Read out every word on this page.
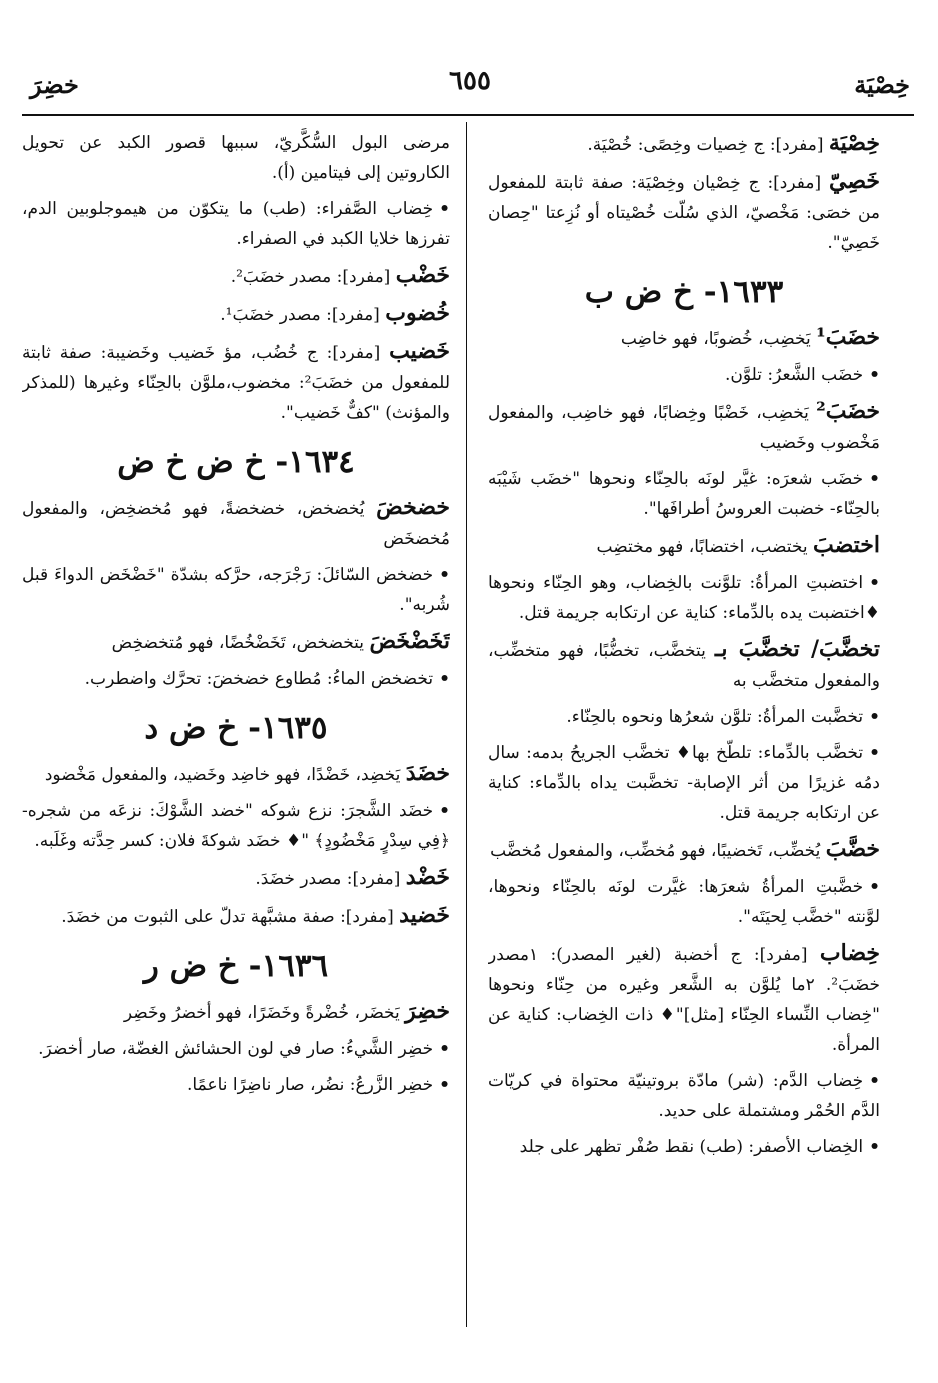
خِصْيَة
٦٥٥
خضِرَ
خِصْيَة [مفرد]: ج خِصيات وخِصًى: خُصْيَة.
خَصِيّ [مفرد]: ج خِصْيان وخِصْيَة: صفة ثابتة للمفعول من خصَى: مَخْصيّ، الذي سُلّت خُصْيتاه أو نُزِعتا "حِصان خَصِيّ".
١٦٣٣- خ ض ب
خضَبَ¹ يَخضِب، خُضوبًا، فهو خاضِب
•خضَب الشَّعرُ: تلوَّن.
خضَبَ² يَخضِب، خَضْبًا وخِضابًا، فهو خاضِب، والمفعول مَخْضوب وخَضيب
•خضَب شعرَه: غيَّر لونَه بالحِنّاء ونحوها "خضَب شَيْبَه بالحِنّاء- خضبت العروسُ أطرافَها".
اختضبَ يختضب، اختضابًا، فهو مختضِب
•اختضبتِ المرأةُ: تلوَّنت بالخِضاب، وهو الحِنّاء ونحوها ♦اختضبت يده بالدِّماء: كناية عن ارتكابه جريمة قتل.
تخضَّبَ/ تخضَّبَ بـ يتخضَّب، تخضُّبًا، فهو متخضِّب، والمفعول متخضَّب به
•تخضَّبت المرأةُ: تلوَّن شعرُها ونحوه بالحِنّاء.
•تخضَّب بالدِّماء: تلطّخ بها♦ تخضَّب الجريحُ بدمه: سال دمُه غزيرًا من أثر الإصابة- تخضَّبت يداه بالدِّماء: كناية عن ارتكابه جريمة قتل.
خضَّبَ يُخضِّب، تَخضيبًا، فهو مُخضِّب، والمفعول مُخضَّب
•خضَّبتِ المرأةُ شعرَها: غيَّرت لونَه بالحِنّاء ونحوها، لوَّنته "خضَّب لِحيَتَه".
خِضاب [مفرد]: ج أخضبة (لغير المصدر): ١مصدر خضَبَ². ٢ما يُلوَّن به الشَّعر وغيره من حِنّاء ونحوها "خِضاب النِّساء الحِنّاء [مثل]"♦ ذات الخِضاب: كناية عن المرأة.
•خِضاب الدَّم: (شر) مادّة بروتينيّة محتواة في كريّات الدَّم الحُمْر ومشتملة على حديد.
•الخِضاب الأصفر: (طب) نقط صُفْر تظهر على جلد
مرضى البول السُّكَّريّ، سببها قصور الكبد عن تحويل الكاروتين إلى فيتامين (أ).
•خِضاب الصَّفراء: (طب) ما يتكوّن من هيموجلوبين الدم، تفرزها خلايا الكبد في الصفراء.
خَضْب [مفرد]: مصدر خضَبَ².
خُضوب [مفرد]: مصدر خضَبَ¹.
خَضيب [مفرد]: ج خُضُب، مؤ خَضيب وخَضيبة: صفة ثابتة للمفعول من خضَبَ²: مخضوب،ملوَّن بالحِنّاء وغيرها (للمذكر والمؤنث) "كفٌّ خَضيب".
١٦٣٤- خ ض خ ض
خضخضَ يُخضخض، خضخضةً، فهو مُخضخِض، والمفعول مُخضخَض
•خضخض السّائلَ: رَجْرَجه، حرَّكه بشدّة "خَضْخَض الدواءَ قبل شُربه".
تَخَضْخَضَ يتخضخض، تَخَضْخُضًا، فهو مُتخضخِض
•تخضخض الماءُ: مُطاوع خضخضَ: تحرَّك واضطرب.
١٦٣٥- خ ض د
خضَدَ يَخضِد، خَضْدًا، فهو خاضِد وخَضيد، والمفعول مَخْضود
•خضَد الشَّجرَ: نزع شوكه "خضد الشَّوْكَ: نزعَه من شجره- ﴿فِي سِدْرٍ مَخْضُودٍ﴾ "♦ خضَد شوكةَ فلان: كسر حِدَّته وغَلَبه.
خَضْد [مفرد]: مصدر خضَدَ.
خَضيد [مفرد]: صفة مشبَّهة تدلّ على الثبوت من خضَدَ.
١٦٣٦- خ ض ر
خضِرَ يَخضَر، خُضْرةً وخَضَرًا، فهو أخضرُ وخَضِر
•خضِر الشَّيءُ: صار في لون الحشائش الغضّة، صار أخضرَ.
•خضِر الزَّرعُ: نضُر، صار ناضِرًا ناعمًا.
